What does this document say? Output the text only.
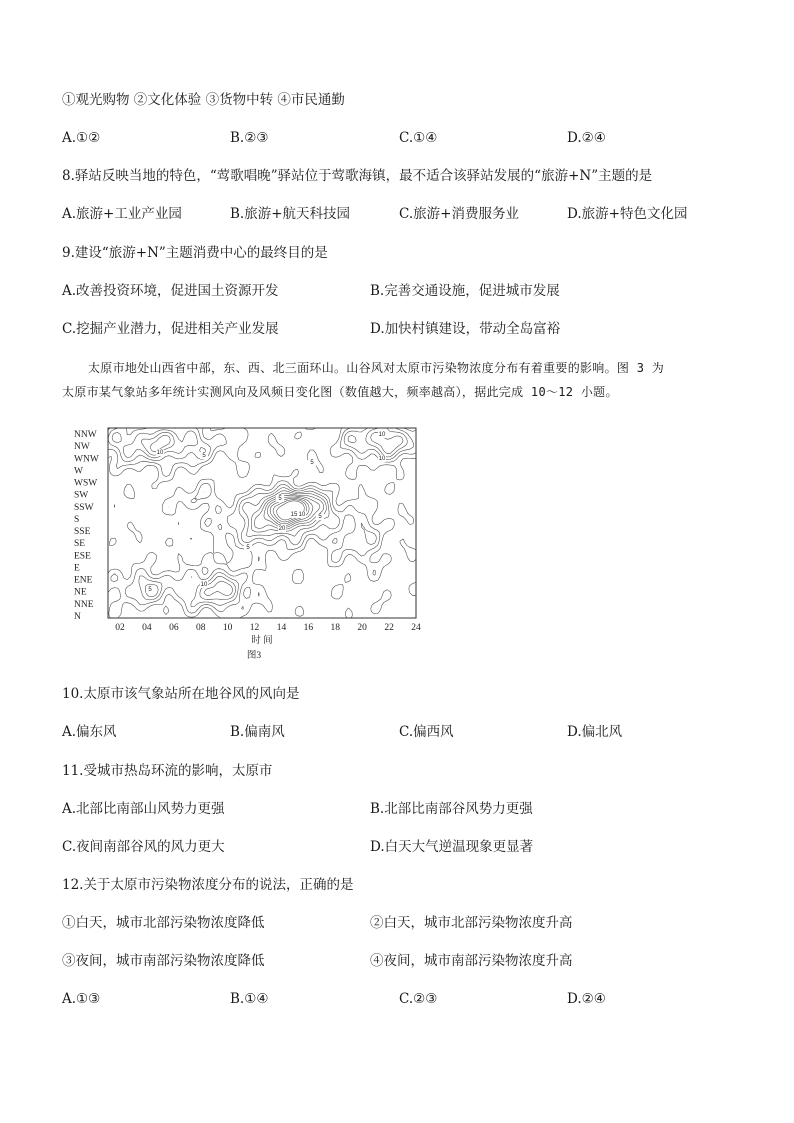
①观光购物 ②文化体验 ③货物中转 ④市民通勤
A.①②	B.②③	C.①④	D.②④
8.驿站反映当地的特色，“莺歌唱晚”驿站位于莺歌海镇，最不适合该驿站发展的“旅游+N”主题的是
A.旅游+工业产业园	B.旅游+航天科技园	C.旅游+消费服务业	D.旅游+特色文化园
9.建设“旅游+N”主题消费中心的最终目的是
A.改善投资环境，促进国土资源开发	B.完善交通设施，促进城市发展
C.挖掘产业潜力，促进相关产业发展	D.加快村镇建设，带动全岛富裕
太原市地处山西省中部，东、西、北三面环山。山谷风对太原市污染物浓度分布有着重要的影响。图 3 为
太原市某气象站多年统计实测风向及风频日变化图（数值越大，频率越高），据此完成 10～12 小题。
NNW
NW
WNW
W
WSW
SW
SSW
S
SSE
SE
ESE
E
ENE
NE
NNE
N
02 04 06 08 10 12 14 16 18 20 22 24
10	5
10
10
5
5
10
15
20
5
5
5
10
时 间
图3
10.太原市该气象站所在地谷风的风向是
A.偏东风	B.偏南风	C.偏西风	D.偏北风
11.受城市热岛环流的影响，太原市
A.北部比南部山风势力更强	B.北部比南部谷风势力更强
C.夜间南部谷风的风力更大	D.白天大气逆温现象更显著
12.关于太原市污染物浓度分布的说法，正确的是
①白天，城市北部污染物浓度降低	②白天，城市北部污染物浓度升高
③夜间，城市南部污染物浓度降低	④夜间，城市南部污染物浓度升高
A.①③	B.①④	C.②③	D.②④
